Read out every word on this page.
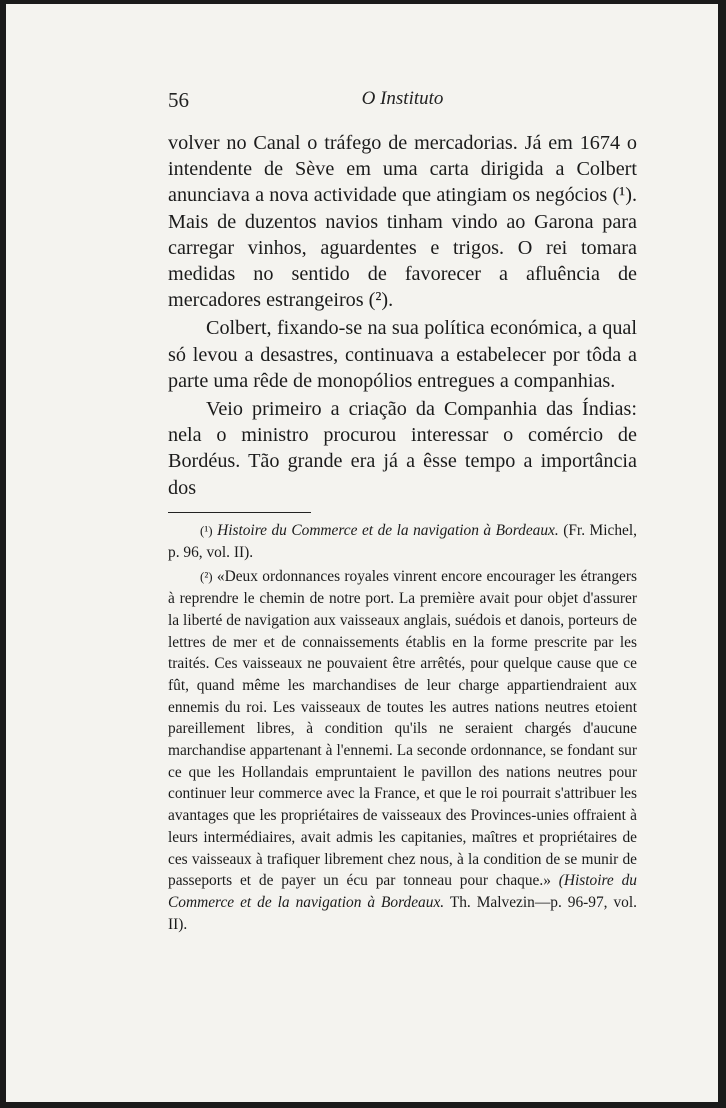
56	O Instituto

volver no Canal o tráfego de mercadorias. Já em 1674 o intendente de Sève em uma carta dirigida a Colbert anunciava a nova actividade que atingiam os negócios (¹). Mais de duzentos navios tinham vindo ao Garona para carregar vinhos, aguardentes e trigos. O rei tomara medidas no sentido de favorecer a afluência de mercadores estrangeiros (²).

Colbert, fixando-se na sua política económica, a qual só levou a desastres, continuava a estabelecer por tôda a parte uma rêde de monopólios entregues a companhias.

Veio primeiro a criação da Companhia das Índias: nela o ministro procurou interessar o comércio de Bordéus. Tão grande era já a êsse tempo a importância dos

(¹) Histoire du Commerce et de la navigation à Bordeaux. (Fr. Michel, p. 96, vol. II).

(²) «Deux ordonnances royales vinrent encore encourager les étrangers à reprendre le chemin de notre port. La première avait pour objet d'assurer la liberté de navigation aux vaisseaux anglais, suédois et danois, porteurs de lettres de mer et de connaissements établis en la forme prescrite par les traités. Ces vaisseaux ne pouvaient être arrêtés, pour quelque cause que ce fût, quand même les marchandises de leur charge appartiendraient aux ennemis du roi. Les vaisseaux de toutes les autres nations neutres etoient pareillement libres, à condition qu'ils ne seraient chargés d'aucune marchandise appartenant à l'ennemi. La seconde ordonnance, se fondant sur ce que les Hollandais empruntaient le pavillon des nations neutres pour continuer leur commerce avec la France, et que le roi pourrait s'attribuer les avantages que les propriétaires de vaisseaux des Provinces-unies offraient à leurs intermédiaires, avait admis les capitanies, maîtres et propriétaires de ces vaisseaux à trafiquer librement chez nous, à la condition de se munir de passeports et de payer un écu par tonneau pour chaque.» (Histoire du Commerce et de la navigation à Bordeaux. Th. Malvezin—p. 96-97, vol. II).
